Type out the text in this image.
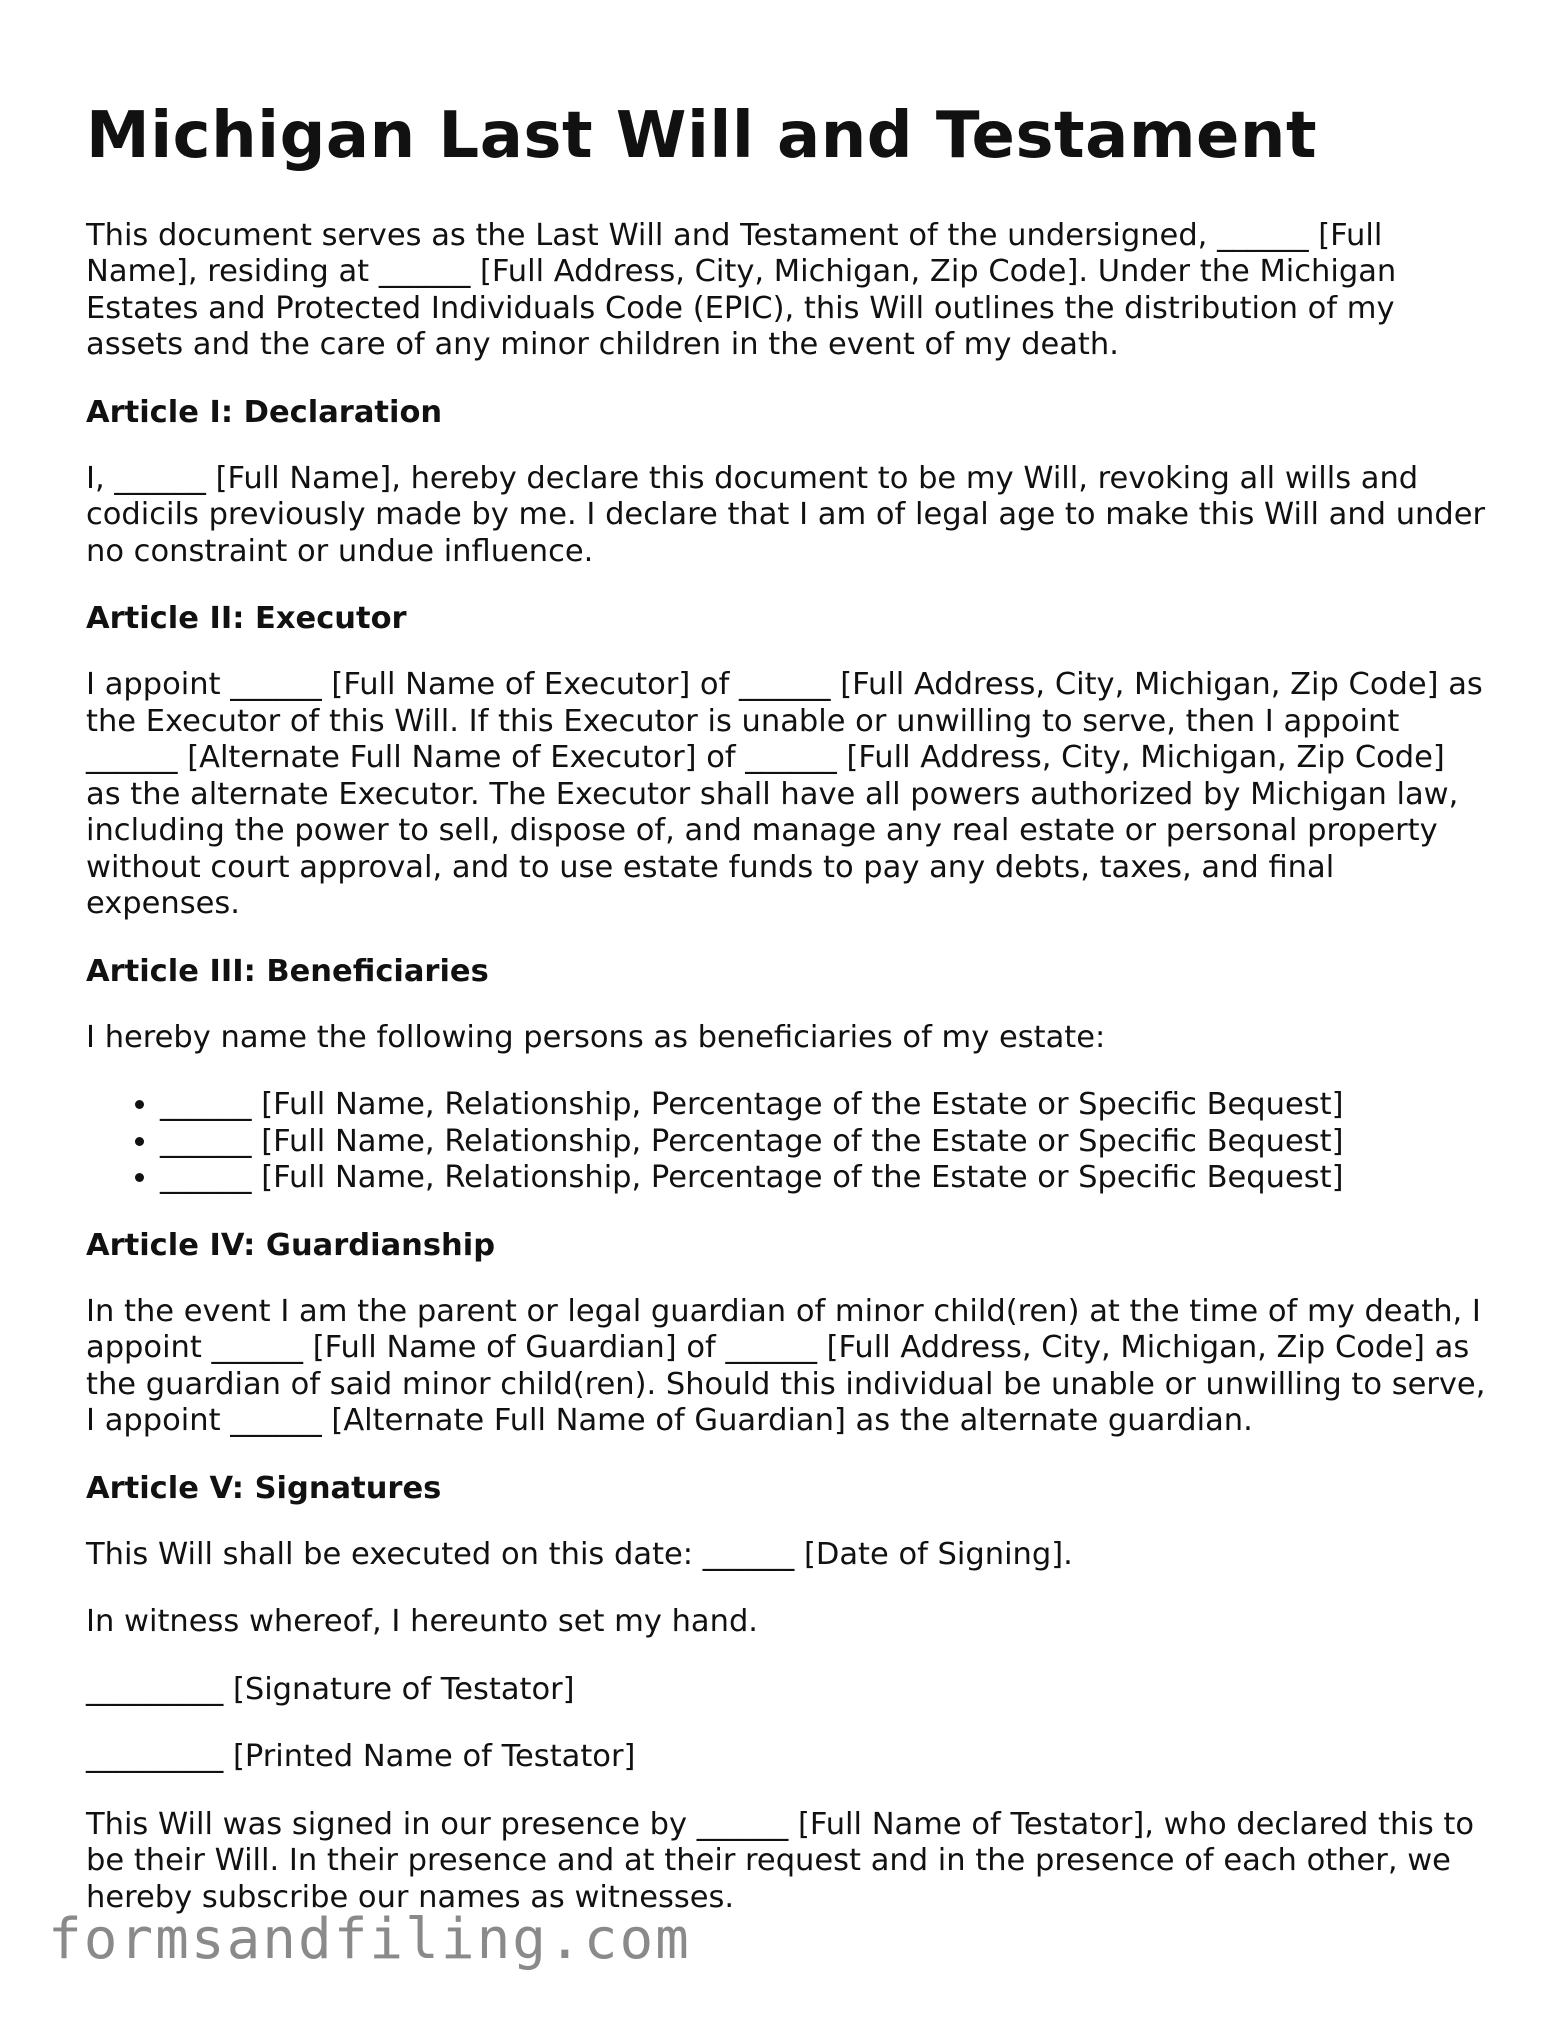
Michigan Last Will and Testament

This document serves as the Last Will and Testament of the undersigned, ______ [Full Name], residing at ______ [Full Address, City, Michigan, Zip Code]. Under the Michigan Estates and Protected Individuals Code (EPIC), this Will outlines the distribution of my assets and the care of any minor children in the event of my death.

Article I: Declaration

I, ______ [Full Name], hereby declare this document to be my Will, revoking all wills and codicils previously made by me. I declare that I am of legal age to make this Will and under no constraint or undue influence.

Article II: Executor

I appoint ______ [Full Name of Executor] of ______ [Full Address, City, Michigan, Zip Code] as the Executor of this Will. If this Executor is unable or unwilling to serve, then I appoint ______ [Alternate Full Name of Executor] of ______ [Full Address, City, Michigan, Zip Code] as the alternate Executor. The Executor shall have all powers authorized by Michigan law, including the power to sell, dispose of, and manage any real estate or personal property without court approval, and to use estate funds to pay any debts, taxes, and final expenses.

Article III: Beneficiaries

I hereby name the following persons as beneficiaries of my estate:

• ______ [Full Name, Relationship, Percentage of the Estate or Specific Bequest]
• ______ [Full Name, Relationship, Percentage of the Estate or Specific Bequest]
• ______ [Full Name, Relationship, Percentage of the Estate or Specific Bequest]
Article IV: Guardianship

In the event I am the parent or legal guardian of minor child(ren) at the time of my death, I appoint ______ [Full Name of Guardian] of ______ [Full Address, City, Michigan, Zip Code] as the guardian of said minor child(ren). Should this individual be unable or unwilling to serve, I appoint ______ [Alternate Full Name of Guardian] as the alternate guardian.

Article V: Signatures

This Will shall be executed on this date: ______ [Date of Signing].

In witness whereof, I hereunto set my hand.

_________ [Signature of Testator]

_________ [Printed Name of Testator]

This Will was signed in our presence by ______ [Full Name of Testator], who declared this to be their Will. In their presence and at their request and in the presence of each other, we hereby subscribe our names as witnesses.

formsandfiling.com
